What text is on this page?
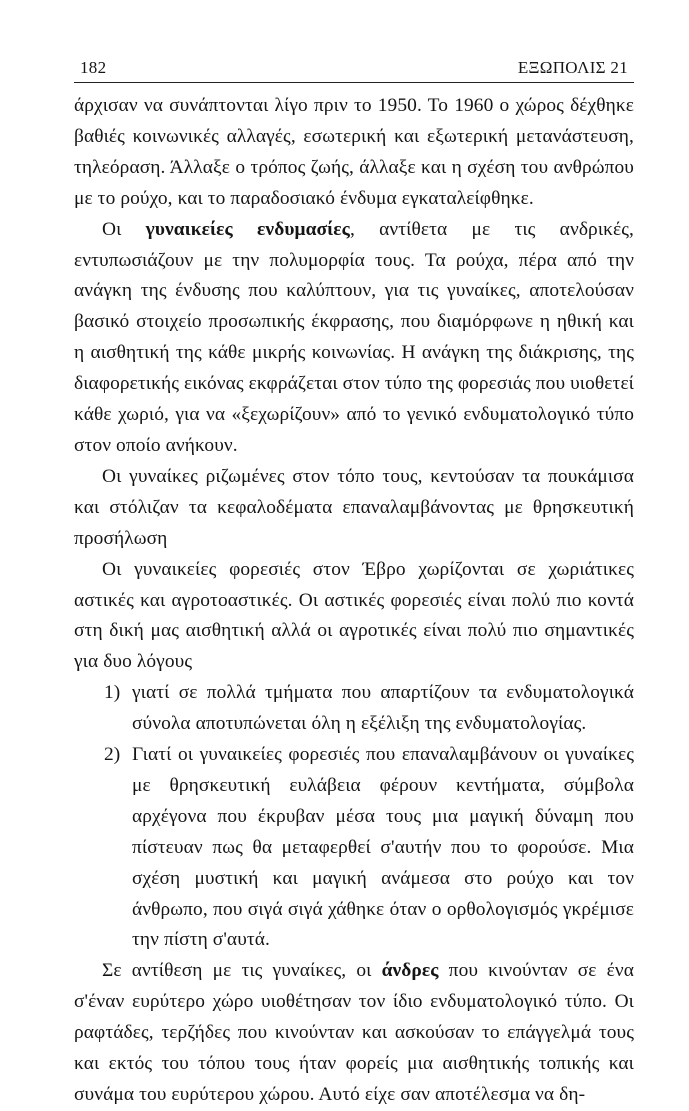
182	ΕΞΩΠΟΛΙΣ 21

άρχισαν να συνάπτονται λίγο πριν το 1950. Το 1960 ο χώρος δέχθηκε βαθιές κοινωνικές αλλαγές, εσωτερική και εξωτερική μετανάστευση, τηλεόραση. Άλλαξε ο τρόπος ζωής, άλλαξε και η σχέση του ανθρώπου με το ρούχο, και το παραδοσιακό ένδυμα εγκαταλείφθηκε.

Οι γυναικείες ενδυμασίες, αντίθετα με τις ανδρικές, εντυπωσιάζουν με την πολυμορφία τους. Τα ρούχα, πέρα από την ανάγκη της ένδυσης που καλύπτουν, για τις γυναίκες, αποτελούσαν βασικό στοιχείο προσωπικής έκφρασης, που διαμόρφωνε η ηθική και η αισθητική της κάθε μικρής κοινωνίας. Η ανάγκη της διάκρισης, της διαφορετικής εικόνας εκφράζεται στον τύπο της φορεσιάς που υιοθετεί κάθε χωριό, για να «ξεχωρίζουν» από το γενικό ενδυματολογικό τύπο στον οποίο ανήκουν.

Οι γυναίκες ριζωμένες στον τόπο τους, κεντούσαν τα πουκάμισα και στόλιζαν τα κεφαλοδέματα επαναλαμβάνοντας με θρησκευτική προσήλωση

Οι γυναικείες φορεσιές στον Έβρο χωρίζονται σε χωριάτικες αστικές και αγροτοαστικές. Οι αστικές φορεσιές είναι πολύ πιο κοντά στη δική μας αισθητική αλλά οι αγροτικές είναι πολύ πιο σημαντικές για δυο λόγους

1) γιατί σε πολλά τμήματα που απαρτίζουν τα ενδυματολογικά σύνολα αποτυπώνεται όλη η εξέλιξη της ενδυματολογίας.
2) Γιατί οι γυναικείες φορεσιές που επαναλαμβάνουν οι γυναίκες με θρησκευτική ευλάβεια φέρουν κεντήματα, σύμβολα αρχέγονα που έκρυβαν μέσα τους μια μαγική δύναμη που πίστευαν πως θα μεταφερθεί σ'αυτήν που το φορούσε. Μια σχέση μυστική και μαγική ανάμεσα στο ρούχο και τον άνθρωπο, που σιγά σιγά χάθηκε όταν ο ορθολογισμός γκρέμισε την πίστη σ'αυτά.

Σε αντίθεση με τις γυναίκες, οι άνδρες που κινούνταν σε ένα σ'έναν ευρύτερο χώρο υιοθέτησαν τον ίδιο ενδυματολογικό τύπο. Οι ραφτάδες, τερζήδες που κινούνταν και ασκούσαν το επάγγελμά τους και εκτός του τόπου τους ήταν φορείς μια αισθητικής τοπικής και συνάμα του ευρύτερου χώρου. Αυτό είχε σαν αποτέλεσμα να δη-
